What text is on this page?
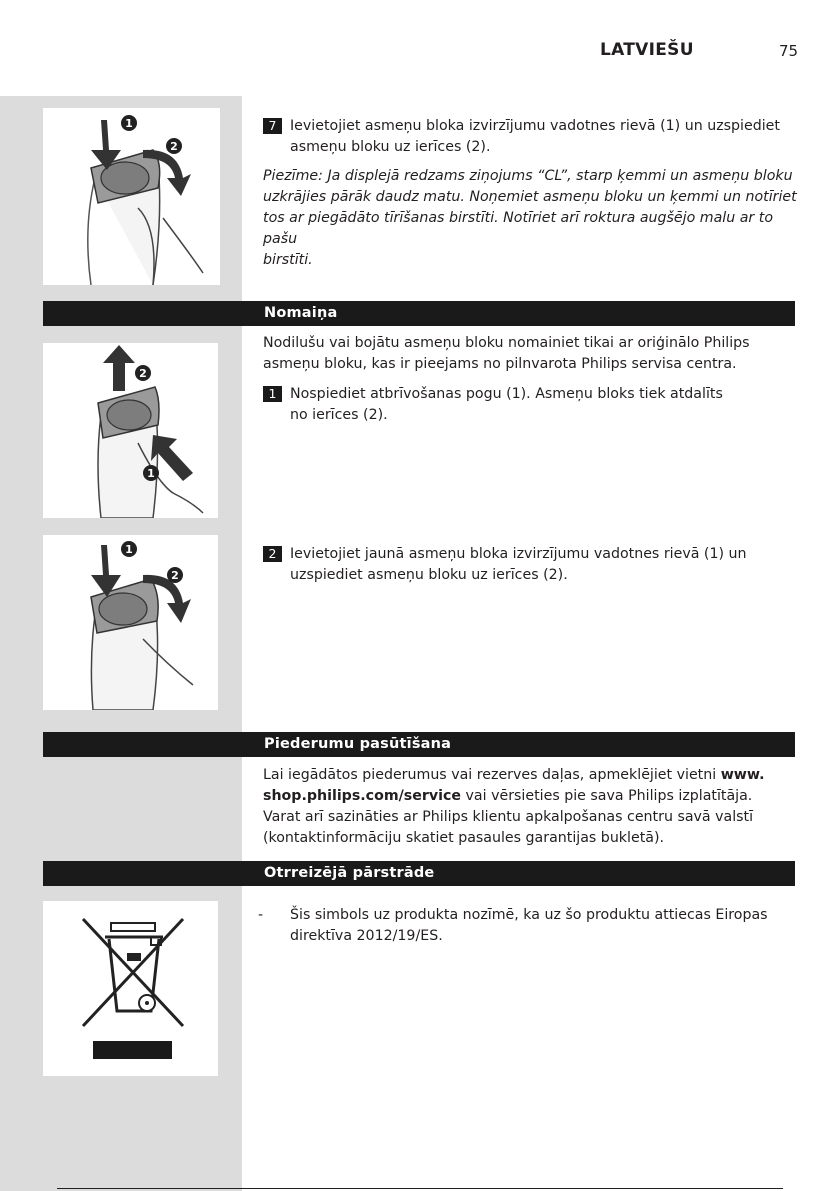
LATVIEŠU	75
1
2
7 Ievietojiet asmeņu bloka izvirzījumu vadotnes rievā (1) un uzspiediet asmeņu bloku uz ierīces (2).
Piezīme: Ja displejā redzams ziņojums “CL”, starp ķemmi un asmeņu bloku
uzkrājies pārāk daudz matu. Noņemiet asmeņu bloku un ķemmi un notīriet
tos ar piegādāto tīrīšanas birstīti. Notīriet arī roktura augšējo malu ar to pašu
birstīti.
Nomaiņa
2
1
Nodilušu vai bojātu asmeņu bloku nomainiet tikai ar oriģinālo Philips
asmeņu bloku, kas ir pieejams no pilnvarota Philips servisa centra.
1 Nospiediet atbrīvošanas pogu (1). Asmeņu bloks tiek atdalīts
no ierīces (2).
1
2
2 Ievietojiet jaunā asmeņu bloka izvirzījumu vadotnes rievā (1) un
uzspiediet asmeņu bloku uz ierīces (2).
Piederumu pasūtīšana
Lai iegādātos piederumus vai rezerves daļas, apmeklējiet vietni www.
shop.philips.com/service vai vērsieties pie sava Philips izplatītāja.
Varat arī sazināties ar Philips klientu apkalpošanas centru savā valstī
(kontaktinformāciju skatiet pasaules garantijas bukletā).
Otrreizējā pārstrāde
-	Šis simbols uz produkta nozīmē, ka uz šo produktu attiecas Eiropas
direktīva 2012/19/ES.
